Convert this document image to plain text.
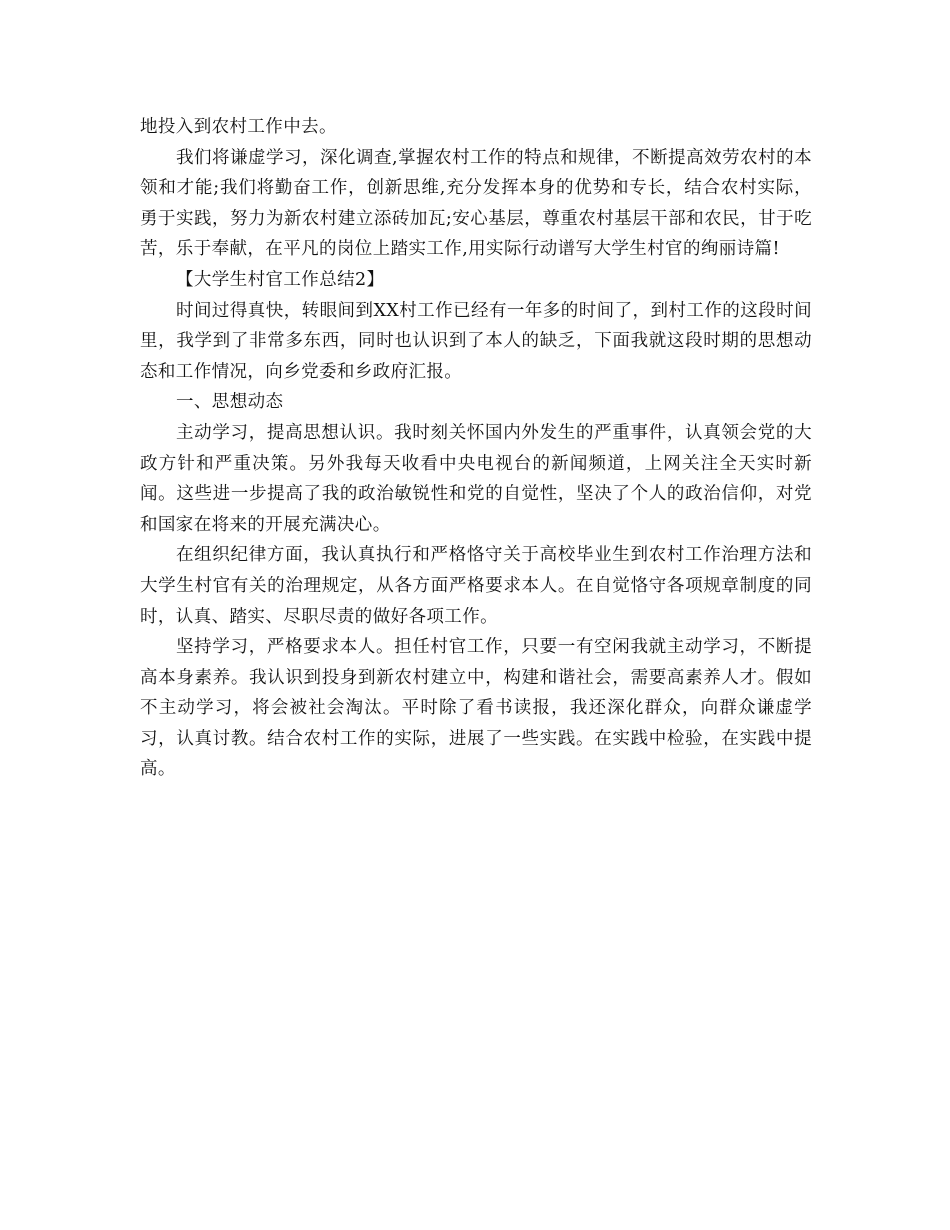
地投入到农村工作中去。

我们将谦虚学习，深化调查,掌握农村工作的特点和规律，不断提高效劳农村的本领和才能;我们将勤奋工作，创新思维,充分发挥本身的优势和专长，结合农村实际，勇于实践，努力为新农村建立添砖加瓦;安心基层，尊重农村基层干部和农民，甘于吃苦，乐于奉献，在平凡的岗位上踏实工作,用实际行动谱写大学生村官的绚丽诗篇!

【大学生村官工作总结2】

时间过得真快，转眼间到XX村工作已经有一年多的时间了，到村工作的这段时间里，我学到了非常多东西，同时也认识到了本人的缺乏，下面我就这段时期的思想动态和工作情况，向乡党委和乡政府汇报。

一、思想动态

主动学习，提高思想认识。我时刻关怀国内外发生的严重事件，认真领会党的大政方针和严重决策。另外我每天收看中央电视台的新闻频道，上网关注全天实时新闻。这些进一步提高了我的政治敏锐性和党的自觉性，坚决了个人的政治信仰，对党和国家在将来的开展充满决心。

在组织纪律方面，我认真执行和严格恪守关于高校毕业生到农村工作治理方法和大学生村官有关的治理规定，从各方面严格要求本人。在自觉恪守各项规章制度的同时，认真、踏实、尽职尽责的做好各项工作。

坚持学习，严格要求本人。担任村官工作，只要一有空闲我就主动学习，不断提高本身素养。我认识到投身到新农村建立中，构建和谐社会，需要高素养人才。假如不主动学习，将会被社会淘汰。平时除了看书读报，我还深化群众，向群众谦虚学习，认真讨教。结合农村工作的实际，进展了一些实践。在实践中检验，在实践中提高。
